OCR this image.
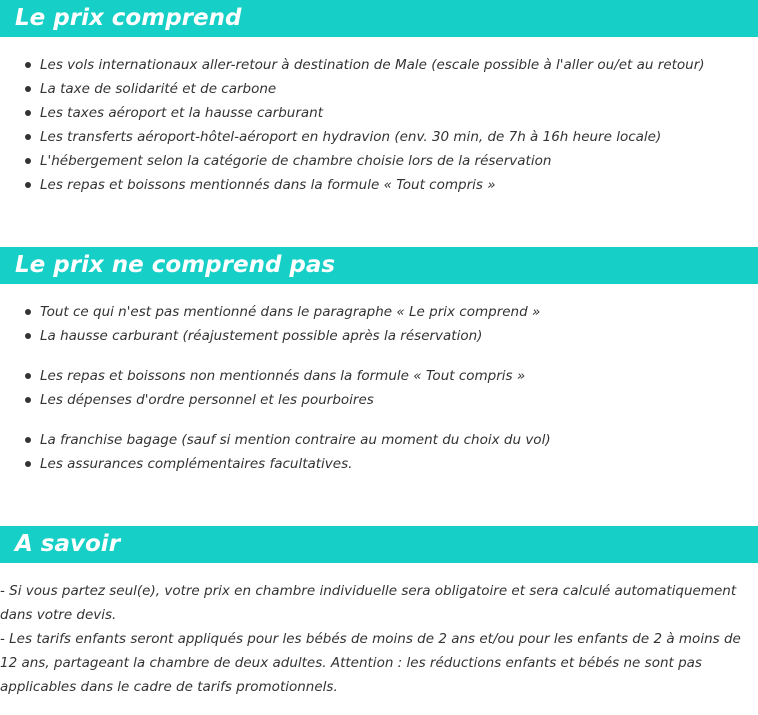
Le prix comprend
Les vols internationaux aller-retour à destination de Male (escale possible à l'aller ou/et au retour)
La taxe de solidarité et de carbone
Les taxes aéroport et la hausse carburant
Les transferts aéroport-hôtel-aéroport en hydravion (env. 30 min, de 7h à 16h heure locale)
L'hébergement selon la catégorie de chambre choisie lors de la réservation
Les repas et boissons mentionnés dans la formule « Tout compris »
Le prix ne comprend pas
Tout ce qui n'est pas mentionné dans le paragraphe « Le prix comprend »
La hausse carburant (réajustement possible après la réservation)
Les repas et boissons non mentionnés dans la formule « Tout compris »
Les dépenses d'ordre personnel et les pourboires
La franchise bagage (sauf si mention contraire au moment du choix du vol)
Les assurances complémentaires facultatives.
A savoir

- Si vous partez seul(e), votre prix en chambre individuelle sera obligatoire et sera calculé automatiquement dans votre devis.

- Les tarifs enfants seront appliqués pour les bébés de moins de 2 ans et/ou pour les enfants de 2 à moins de 12 ans, partageant la chambre de deux adultes. Attention : les réductions enfants et bébés ne sont pas applicables dans le cadre de tarifs promotionnels.
